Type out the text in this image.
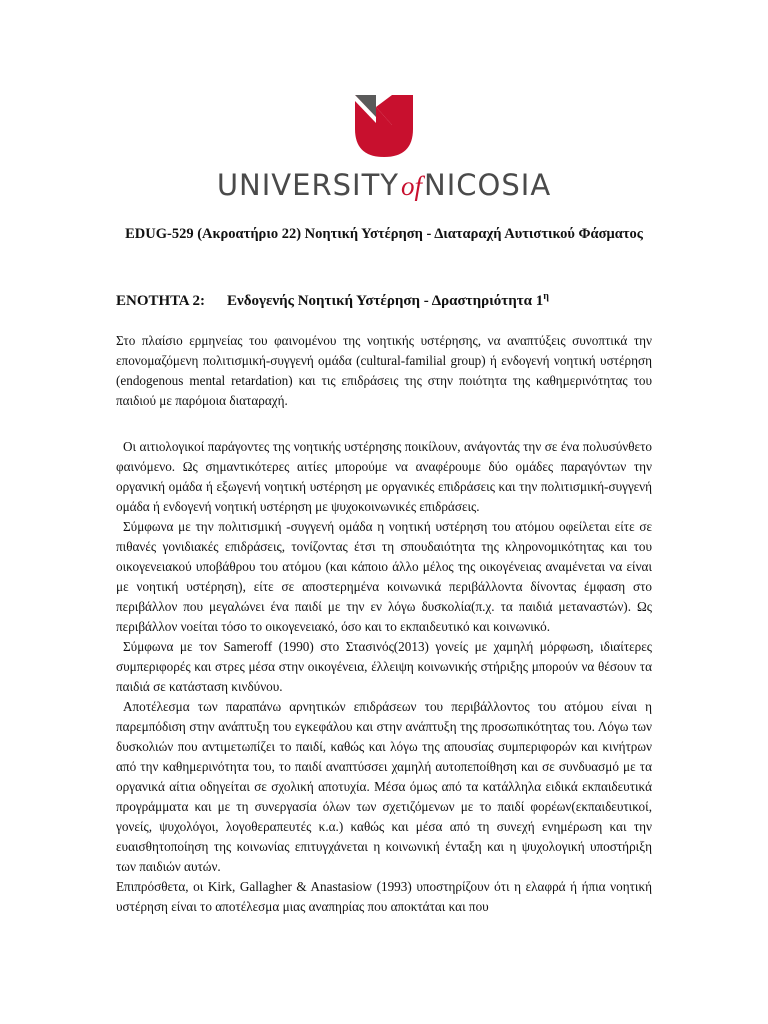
UNIVERSITYofNICOSIA
EDUG-529 (Ακροατήριο 22) Νοητική Υστέρηση - Διαταραχή Αυτιστικού Φάσματος
ΕΝΟΤΗΤΑ 2: Ενδογενής Νοητική Υστέρηση - Δραστηριότητα $1^\eta$

Στο πλαίσιο ερμηνείας του φαινομένου της νοητικής υστέρησης, να αναπτύξεις συνοπτικά την επονομαζόμενη πολιτισμική-συγγενή ομάδα (cultural-familial group) ή ενδογενή νοητική υστέρηση (endogenous mental retardation) και τις επιδράσεις της στην ποιότητα της καθημερινότητας του παιδιού με παρόμοια διαταραχή.

Οι αιτιολογικοί παράγοντες της νοητικής υστέρησης ποικίλουν, ανάγοντάς την σε ένα πολυσύνθετο φαινόμενο. Ως σημαντικότερες αιτίες μπορούμε να αναφέρουμε δύο ομάδες παραγόντων την οργανική ομάδα ή εξωγενή νοητική υστέρηση με οργανικές επιδράσεις και την πολιτισμική-συγγενή ομάδα ή ενδογενή νοητική υστέρηση με ψυχοκοινωνικές επιδράσεις.
Σύμφωνα με την πολιτισμική -συγγενή ομάδα η νοητική υστέρηση του ατόμου οφείλεται είτε σε πιθανές γονιδιακές επιδράσεις, τονίζοντας έτσι τη σπουδαιότητα της κληρονομικότητας και του οικογενειακού υποβάθρου του ατόμου (και κάποιο άλλο μέλος της οικογένειας αναμένεται να είναι με νοητική υστέρηση), είτε σε αποστερημένα κοινωνικά περιβάλλοντα δίνοντας έμφαση στο περιβάλλον που μεγαλώνει ένα παιδί με την εν λόγω δυσκολία(π.χ. τα παιδιά μεταναστών). Ως περιβάλλον νοείται τόσο το οικογενειακό, όσο και το εκπαιδευτικό και κοινωνικό.
Σύμφωνα με τον Sameroff (1990) στο Στασινός(2013) γονείς με χαμηλή μόρφωση, ιδιαίτερες συμπεριφορές και στρες μέσα στην οικογένεια, έλλειψη κοινωνικής στήριξης μπορούν να θέσουν τα παιδιά σε κατάσταση κινδύνου.
Αποτέλεσμα των παραπάνω αρνητικών επιδράσεων του περιβάλλοντος του ατόμου είναι η παρεμπόδιση στην ανάπτυξη του εγκεφάλου και στην ανάπτυξη της προσωπικότητας του. Λόγω των δυσκολιών που αντιμετωπίζει το παιδί, καθώς και λόγω της απουσίας συμπεριφορών και κινήτρων από την καθημερινότητα του, το παιδί αναπτύσσει χαμηλή αυτοπεποίθηση και σε συνδυασμό με τα οργανικά αίτια οδηγείται σε σχολική αποτυχία. Μέσα όμως από τα κατάλληλα ειδικά εκπαιδευτικά προγράμματα και με τη συνεργασία όλων των σχετιζόμενων με το παιδί φορέων(εκπαιδευτικοί, γονείς, ψυχολόγοι, λογοθεραπευτές κ.α.) καθώς και μέσα από τη συνεχή ενημέρωση και την ευαισθητοποίηση της κοινωνίας επιτυγχάνεται η κοινωνική ένταξη και η ψυχολογική υποστήριξη των παιδιών αυτών.
Επιπρόσθετα, οι Kirk, Gallagher & Anastasiow (1993) υποστηρίζουν ότι η ελαφρά ή ήπια νοητική υστέρηση είναι το αποτέλεσμα μιας αναπηρίας που αποκτάται και που
